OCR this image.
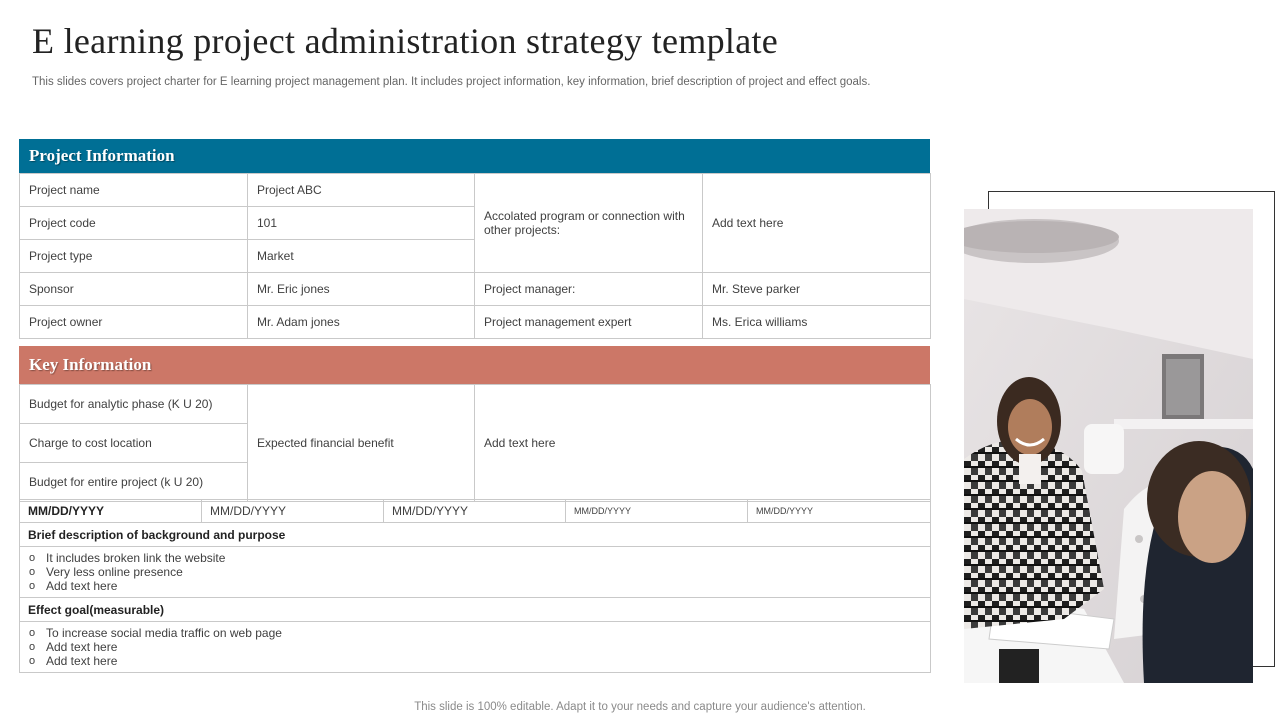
E learning project administration strategy template
This slides covers project charter for E learning project management plan. It includes project information, key information, brief description of project and effect goals.
Project Information
Project name	Project ABC	Accolated program or connection with other projects:	Add text here
Project code	101		
Project type	Market		
Sponsor	Mr. Eric jones	Project manager:	Mr. Steve parker
Project owner	Mr. Adam jones	Project management expert	Ms. Erica williams
Key Information
Budget for analytic phase (K U 20)	Expected financial benefit	Add text here
Charge to cost location
Budget for entire project (k U 20)
MM/DD/YYYY	MM/DD/YYYY	MM/DD/YYYY	MM/DD/YYYY	MM/DD/YYYY
Brief description of background and purpose

o It includes broken link the website
o Very less online presence
o Add text here

Effect goal(measurable)

o To increase social media traffic on web page
o Add text here
o Add text here
This slide is 100% editable. Adapt it to your needs and capture your audience's attention.
